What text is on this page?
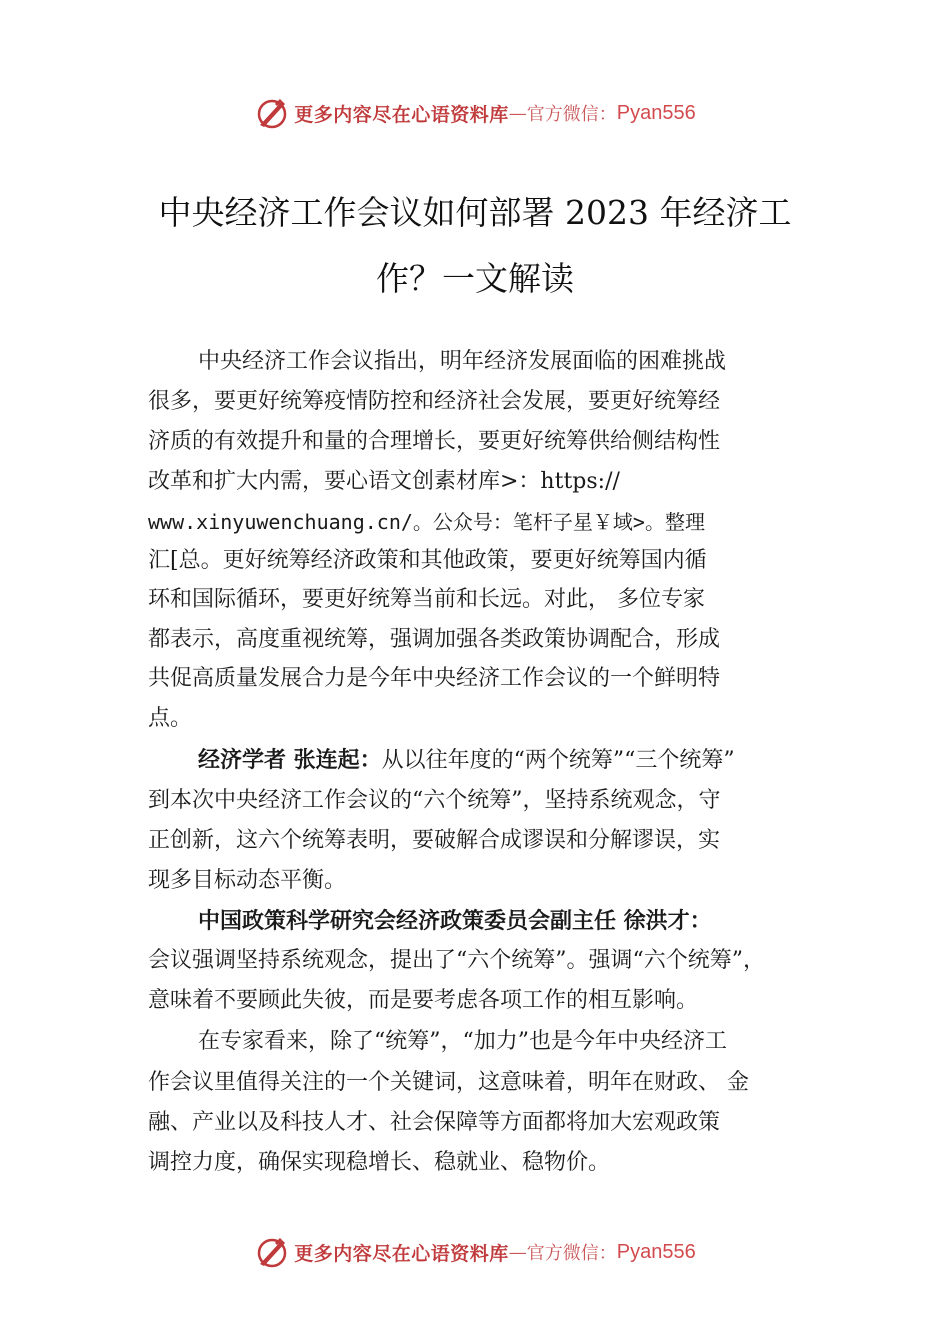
更多内容尽在心语资料库 — 官方微信： Pyan556
中央经济工作会议如何部署 2023 年经济工
作？一文解读

中央经济工作会议指出，明年经济发展面临的困难挑战

很多，要更好统筹疫情防控和经济社会发展，要更好统筹经

济质的有效提升和量的合理增长，要更好统筹供给侧结构性

改革和扩大内需，要心语文创素材库>：https://

www.xinyuwenchuang.cn/。公众号：笔杆子星￥域>。整理

汇[总。更好统筹经济政策和其他政策，要更好统筹国内循

环和国际循环，要更好统筹当前和长远。对此， 多位专家

都表示，高度重视统筹，强调加强各类政策协调配合，形成

共促高质量发展合力是今年中央经济工作会议的一个鲜明特

点。

经济学者 张连起：从以往年度的“两个统筹”“三个统筹”

到本次中央经济工作会议的“六个统筹”，坚持系统观念，守

正创新，这六个统筹表明，要破解合成谬误和分解谬误，实

现多目标动态平衡。

中国政策科学研究会经济政策委员会副主任 徐洪才：

会议强调坚持系统观念，提出了“六个统筹”。强调“六个统筹”，

意味着不要顾此失彼，而是要考虑各项工作的相互影响。

在专家看来，除了“统筹”，“加力”也是今年中央经济工

作会议里值得关注的一个关键词，这意味着，明年在财政、 金

融、产业以及科技人才、社会保障等方面都将加大宏观政策

调控力度，确保实现稳增长、稳就业、稳物价。

更多内容尽在心语资料库 — 官方微信： Pyan556
